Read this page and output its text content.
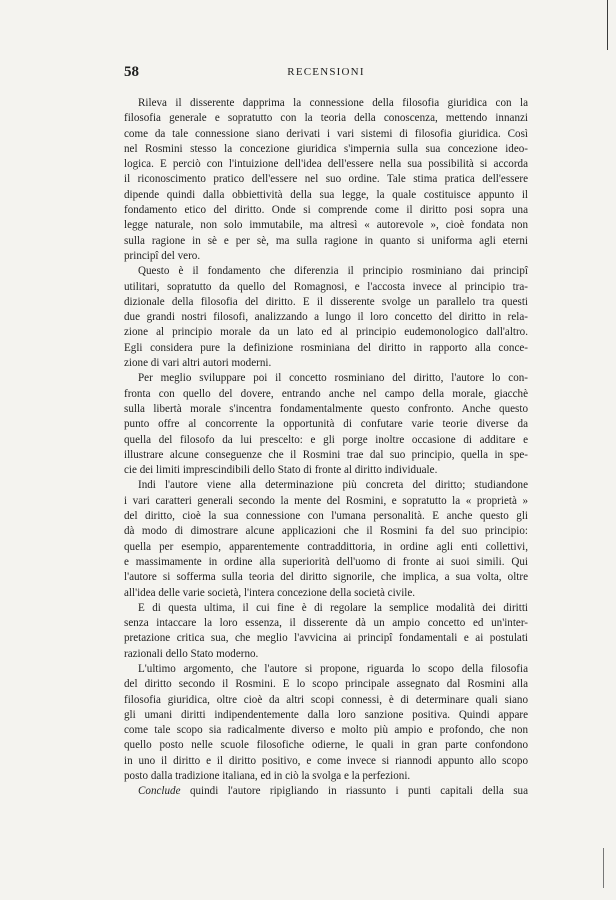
58	RECENSIONI
Rileva il disserente dapprima la connessione della filosofia giuridica con la
filosofia generale e sopratutto con la teoria della conoscenza, mettendo innanzi
come da tale connessione siano derivati i vari sistemi di filosofia giuridica. Così
nel Rosmini stesso la concezione giuridica s'impernia sulla sua concezione ideo-
logica. E perciò con l'intuizione dell'idea dell'essere nella sua possibilità si accorda
il riconoscimento pratico dell'essere nel suo ordine. Tale stima pratica dell'essere
dipende quindi dalla obbiettività della sua legge, la quale costituisce appunto il
fondamento etico del diritto. Onde si comprende come il diritto posi sopra una
legge naturale, non solo immutabile, ma altresì « autorevole », cioè fondata non
sulla ragione in sè e per sè, ma sulla ragione in quanto si uniforma agli eterni
principî del vero.
Questo è il fondamento che diferenzia il principio rosminiano dai principî
utilitari, sopratutto da quello del Romagnosi, e l'accosta invece al principio tra-
dizionale della filosofia del diritto. E il disserente svolge un parallelo tra questi
due grandi nostri filosofi, analizzando a lungo il loro concetto del diritto in rela-
zione al principio morale da un lato ed al principio eudemonologico dall'altro.
Egli considera pure la definizione rosminiana del diritto in rapporto alla conce-
zione di vari altri autori moderni.
Per meglio sviluppare poi il concetto rosminiano del diritto, l'autore lo con-
fronta con quello del dovere, entrando anche nel campo della morale, giacchè
sulla libertà morale s'incentra fondamentalmente questo confronto. Anche questo
punto offre al concorrente la opportunità di confutare varie teorie diverse da
quella del filosofo da lui prescelto: e gli porge inoltre occasione di additare e
illustrare alcune conseguenze che il Rosmini trae dal suo principio, quella in spe-
cie dei limiti imprescindibili dello Stato di fronte al diritto individuale.
Indi l'autore viene alla determinazione più concreta del diritto; studiandone
i vari caratteri generali secondo la mente del Rosmini, e sopratutto la « proprietà »
del diritto, cioè la sua connessione con l'umana personalità. E anche questo gli
dà modo di dimostrare alcune applicazioni che il Rosmini fa del suo principio:
quella per esempio, apparentemente contraddittoria, in ordine agli enti collettivi,
e massimamente in ordine alla superiorità dell'uomo di fronte ai suoi simili. Qui
l'autore si sofferma sulla teoria del diritto signorile, che implica, a sua volta, oltre
all'idea delle varie società, l'intera concezione della società civile.
E di questa ultima, il cui fine è di regolare la semplice modalità dei diritti
senza intaccare la loro essenza, il disserente dà un ampio concetto ed un'inter-
pretazione critica sua, che meglio l'avvicina ai principî fondamentali e ai postulati
razionali dello Stato moderno.
L'ultimo argomento, che l'autore si propone, riguarda lo scopo della filosofia
del diritto secondo il Rosmini. E lo scopo principale assegnato dal Rosmini alla
filosofia giuridica, oltre cioè da altri scopi connessi, è di determinare quali siano
gli umani diritti indipendentemente dalla loro sanzione positiva. Quindi appare
come tale scopo sia radicalmente diverso e molto più ampio e profondo, che non
quello posto nelle scuole filosofiche odierne, le quali in gran parte confondono
in uno il diritto e il diritto positivo, e come invece si riannodi appunto allo scopo
posto dalla tradizione italiana, ed in ciò la svolga e la perfezioni.
Conclude quindi l'autore ripigliando in riassunto i punti capitali della sua
